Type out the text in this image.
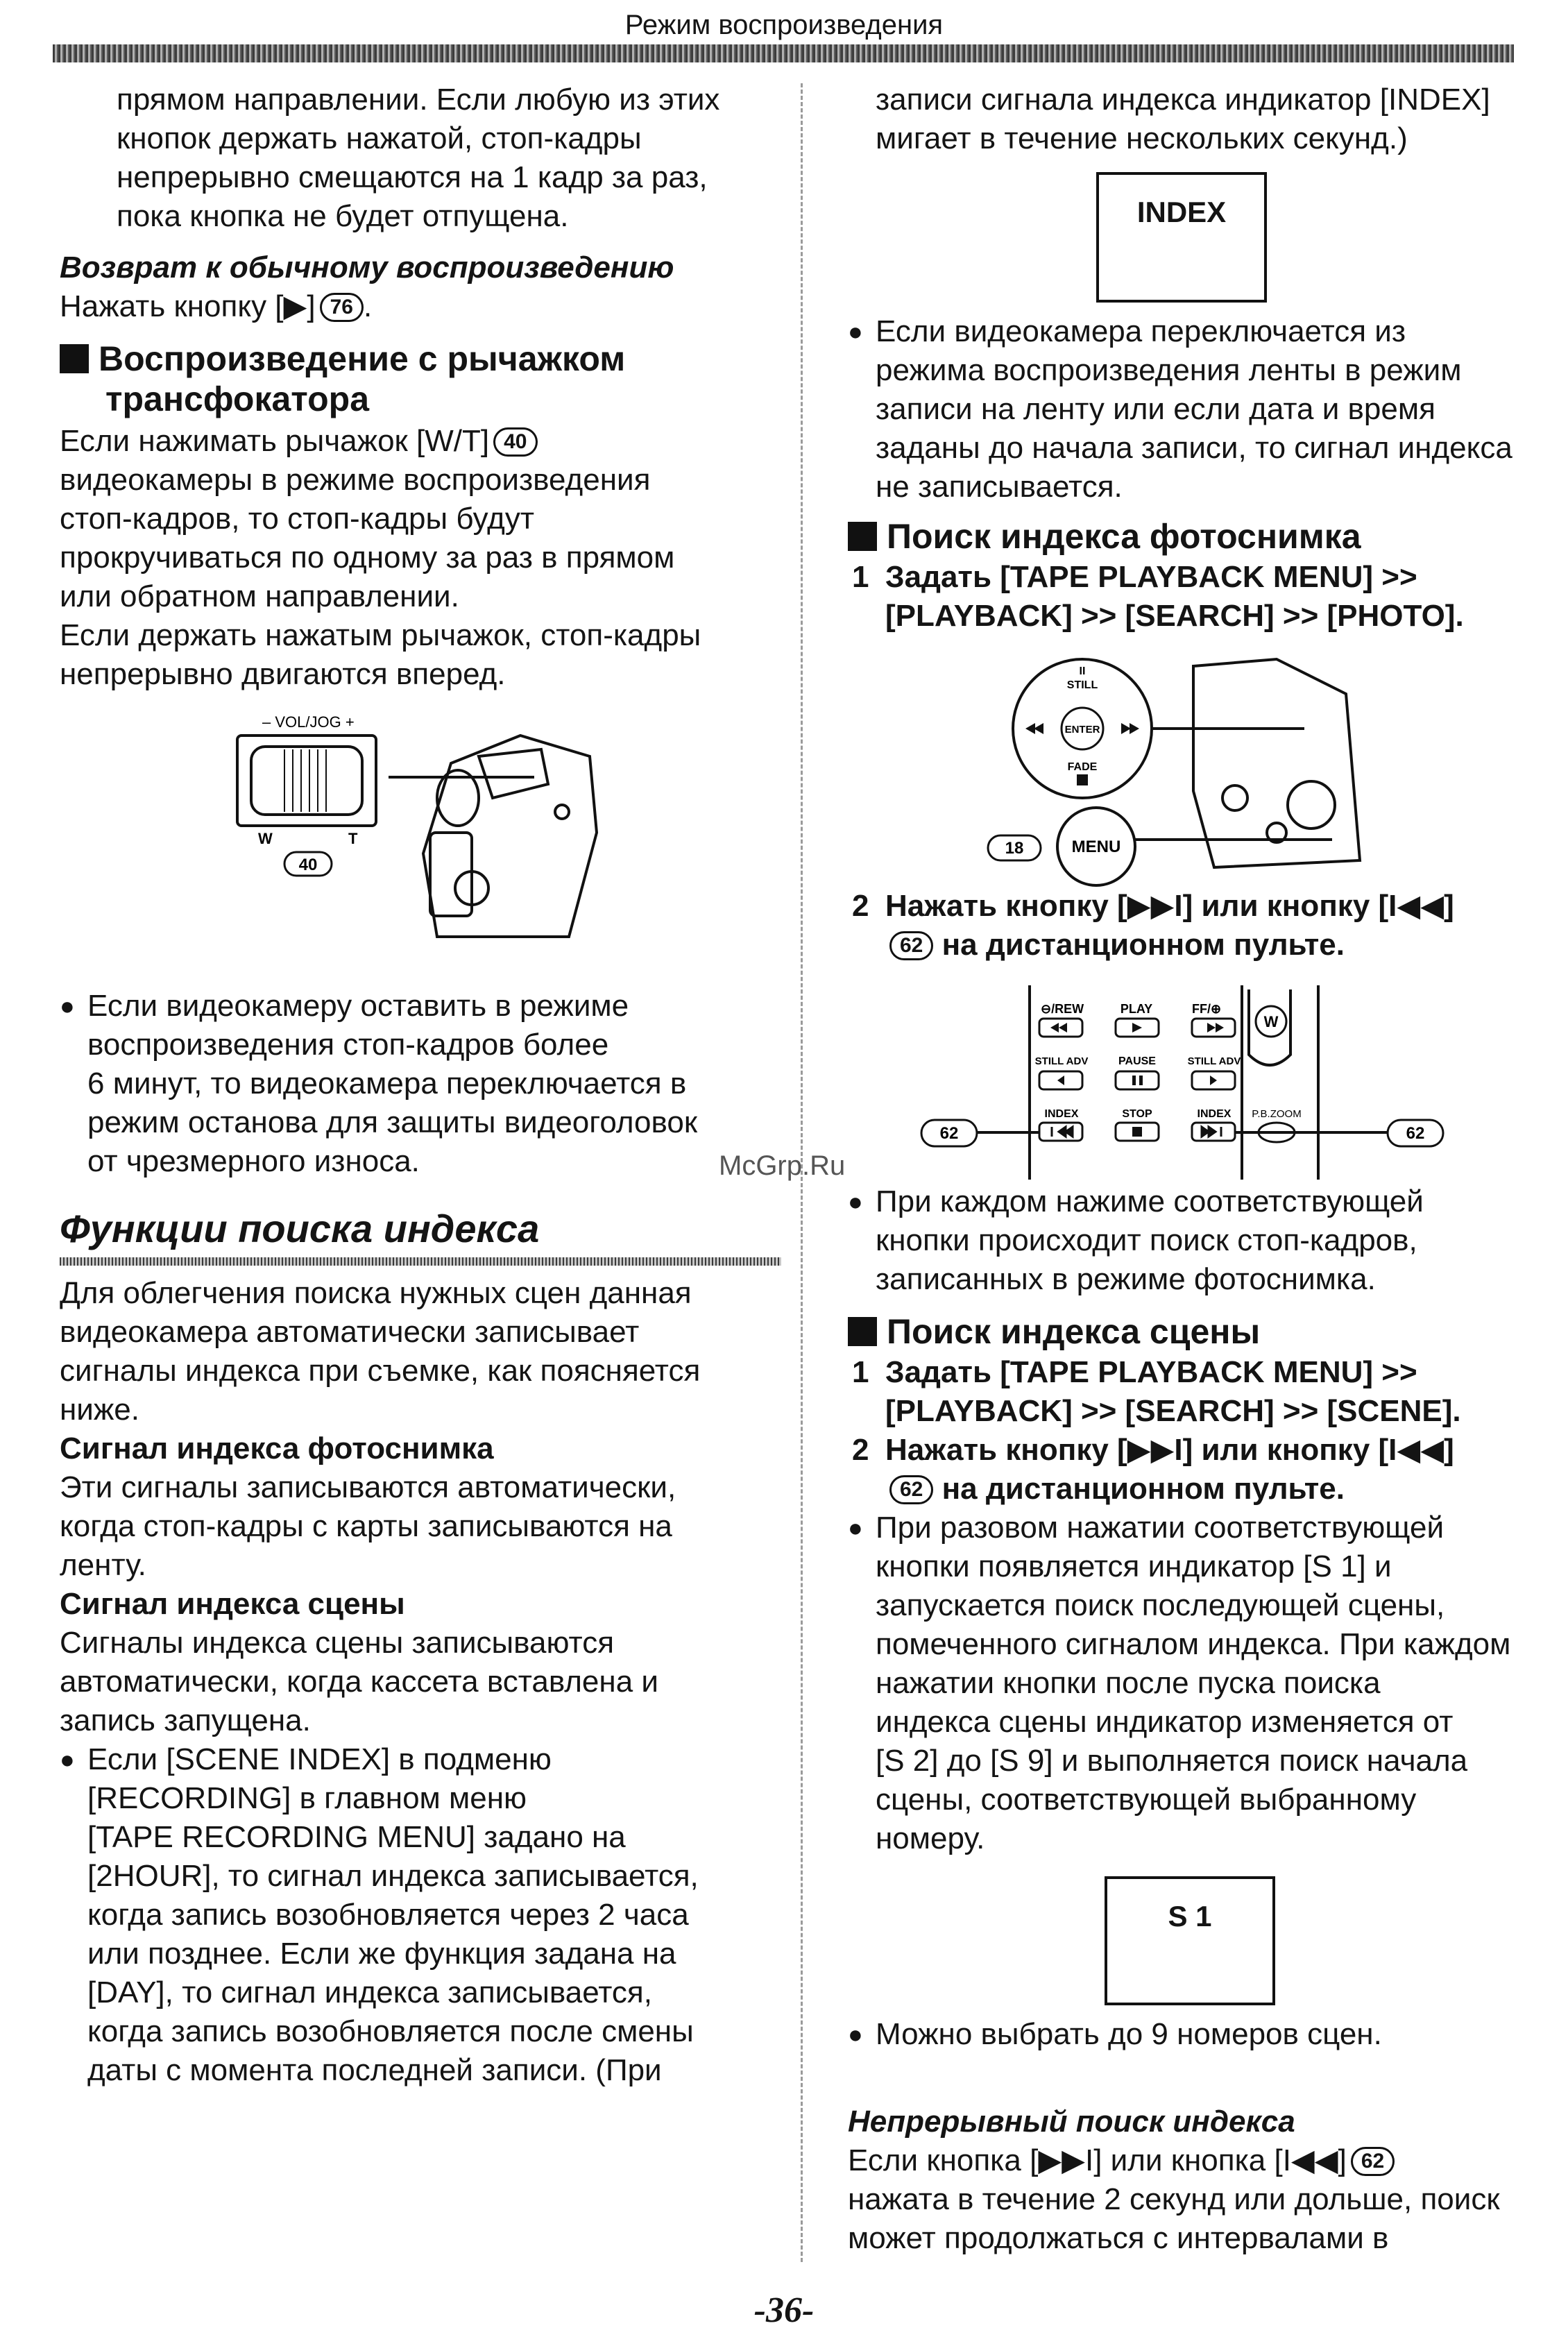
Режим воспроизведения

прямом направлении. Если любую из этих

кнопок держать нажатой, стоп-кадры

непрерывно смещаются на 1 кадр за раз,

пока кнопка не будет отпущена.

Возврат к обычному воспроизведению
Нажать кнопку [▶] 76 .

Воспроизведение с рычажком

трансфокатора

Если нажимать рычажок [W/T] 40

видеокамеры в режиме воспроизведения

стоп-кадров, то стоп-кадры будут

прокручиваться по одному за раз в прямом

или обратном направлении.

Если держать нажатым рычажок, стоп-кадры

непрерывно двигаются вперед.

– VOL/JOG +
W	T
40

● Если видеокамеру оставить в режиме

воспроизведения стоп-кадров более

6 минут, то видеокамера переключается в

режим останова для защиты видеоголовок

от чрезмерного износа.

Функции поиска индекса

Для облегчения поиска нужных сцен данная

видеокамера автоматически записывает

сигналы индекса при съемке, как поясняется

ниже.

Сигнал индекса фотоснимка

Эти сигналы записываются автоматически,

когда стоп-кадры с карты записываются на

ленту.

Сигнал индекса сцены

Сигналы индекса сцены записываются

автоматически, когда кассета вставлена и

запись запущена.

● Если [SCENE INDEX] в подменю

[RECORDING] в главном меню

[TAPE RECORDING MENU] задано на

[2HOUR], то сигнал индекса записывается,

когда запись возобновляется через 2 часа

или позднее. Если же функция задана на

[DAY], то сигнал индекса записывается,

когда запись возобновляется после смены

даты с момента последней записи. (При

записи сигнала индекса индикатор [INDEX]

мигает в течение нескольких секунд.)

INDEX

● Если видеокамера переключается из

режима воспроизведения ленты в режим

записи на ленту или если дата и время

заданы до начала записи, то сигнал индекса

не записывается.

Поиск индекса фотоснимка
1 Задать [TAPE PLAYBACK MENU] >>

[PLAYBACK] >> [SEARCH] >> [PHOTO].

ENTER
II
STILL
FADE
MENU
18
2 Нажать кнопку [▶▶I] или кнопку [I◀◀]

62 на дистанционном пульте.

⊖/REW	PLAY	FF/⊕
W
STILL ADV	PAUSE	STILL ADV
INDEX	STOP	INDEX P.B.ZOOM
62	62
McGrp.Ru

● При каждом нажиме соответствующей

кнопки происходит поиск стоп-кадров,

записанных в режиме фотоснимка.

Поиск индекса сцены
1 Задать [TAPE PLAYBACK MENU] >>

[PLAYBACK] >> [SEARCH] >> [SCENE].

2 Нажать кнопку [▶▶I] или кнопку [I◀◀]

62 на дистанционном пульте.

● При разовом нажатии соответствующей

кнопки появляется индикатор [S 1] и

запускается поиск последующей сцены,

помеченного сигналом индекса. При каждом

нажатии кнопки после пуска поиска

индекса сцены индикатор изменяется от

[S 2] до [S 9] и выполняется поиск начала

сцены, соответствующей выбранному

номеру.

S 1

● Можно выбрать до 9 номеров сцен.

Непрерывный поиск индекса

Если кнопка [▶▶I] или кнопка [I◀◀] 62

нажата в течение 2 секунд или дольше, поиск

может продолжаться с интервалами в

-36-
